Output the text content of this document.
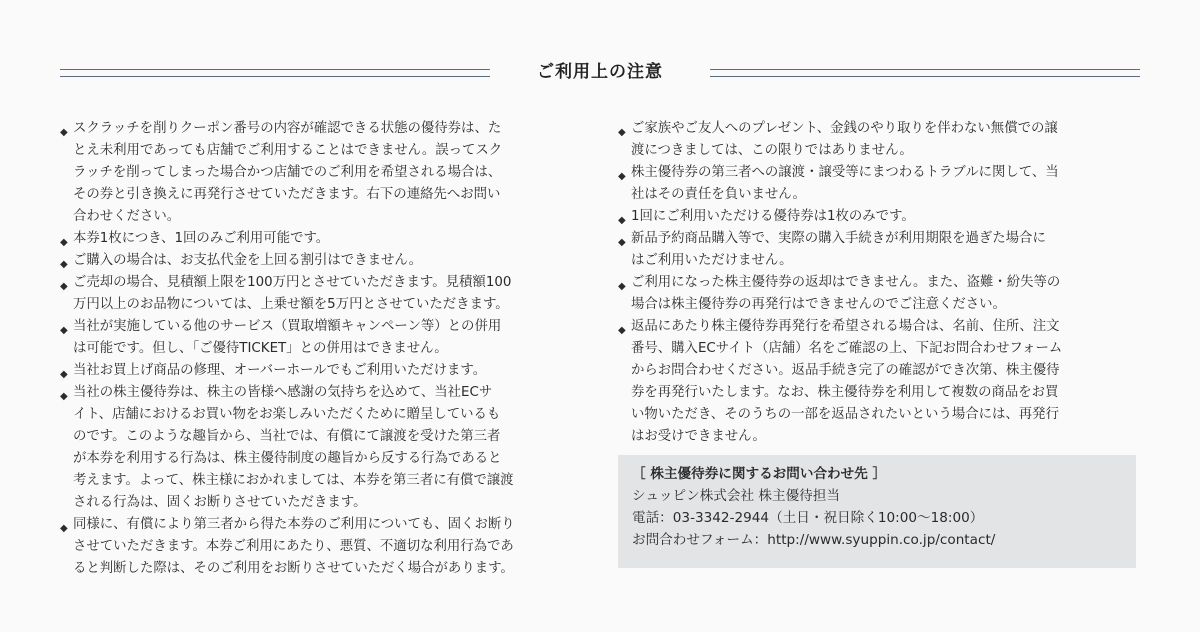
ご利用上の注意
◆ スクラッチを削りクーポン番号の内容が確認できる状態の優待券は、た
とえ未利用であっても店舗でご利用することはできません。誤ってスク
ラッチを削ってしまった場合かつ店舗でのご利用を希望される場合は、
その券と引き換えに再発行させていただきます。右下の連絡先へお問い
合わせください。
◆ 本券1枚につき、1回のみご利用可能です。
◆ ご購入の場合は、お支払代金を上回る割引はできません。
◆ ご売却の場合、見積額上限を100万円とさせていただきます。見積額100
万円以上のお品物については、上乗せ額を5万円とさせていただきます。
◆ 当社が実施している他のサービス（買取増額キャンペーン等）との併用
は可能です。但し、「ご優待TICKET」との併用はできません。
◆ 当社お買上げ商品の修理、オーバーホールでもご利用いただけます。
◆ 当社の株主優待券は、株主の皆様へ感謝の気持ちを込めて、当社ECサ
イト、店舗におけるお買い物をお楽しみいただくために贈呈しているも
のです。このような趣旨から、当社では、有償にて譲渡を受けた第三者
が本券を利用する行為は、株主優待制度の趣旨から反する行為であると
考えます。よって、株主様におかれましては、本券を第三者に有償で譲渡
される行為は、固くお断りさせていただきます。
◆ 同様に、有償により第三者から得た本券のご利用についても、固くお断り
させていただきます。本券ご利用にあたり、悪質、不適切な利用行為であ
ると判断した際は、そのご利用をお断りさせていただく場合があります。
◆ ご家族やご友人へのプレゼント、金銭のやり取りを伴わない無償での譲
渡につきましては、この限りではありません。
◆ 株主優待券の第三者への譲渡・譲受等にまつわるトラブルに関して、当
社はその責任を負いません。
◆ 1回にご利用いただける優待券は1枚のみです。
◆ 新品予約商品購入等で、実際の購入手続きが利用期限を過ぎた場合に
はご利用いただけません。
◆ ご利用になった株主優待券の返却はできません。また、盗難・紛失等の
場合は株主優待券の再発行はできませんのでご注意ください。
◆ 返品にあたり株主優待券再発行を希望される場合は、名前、住所、注文
番号、購入ECサイト（店舗）名をご確認の上、下記お問合わせフォーム
からお問合わせください。返品手続き完了の確認ができ次第、株主優待
券を再発行いたします。なお、株主優待券を利用して複数の商品をお買
い物いただき、そのうちの一部を返品されたいという場合には、再発行
はお受けできません。
［ 株主優待券に関するお問い合わせ先 ］
シュッピン株式会社 株主優待担当
電話：03-3342-2944（土日・祝日除く10:00〜18:00）
お問合わせフォーム：http://www.syuppin.co.jp/contact/
